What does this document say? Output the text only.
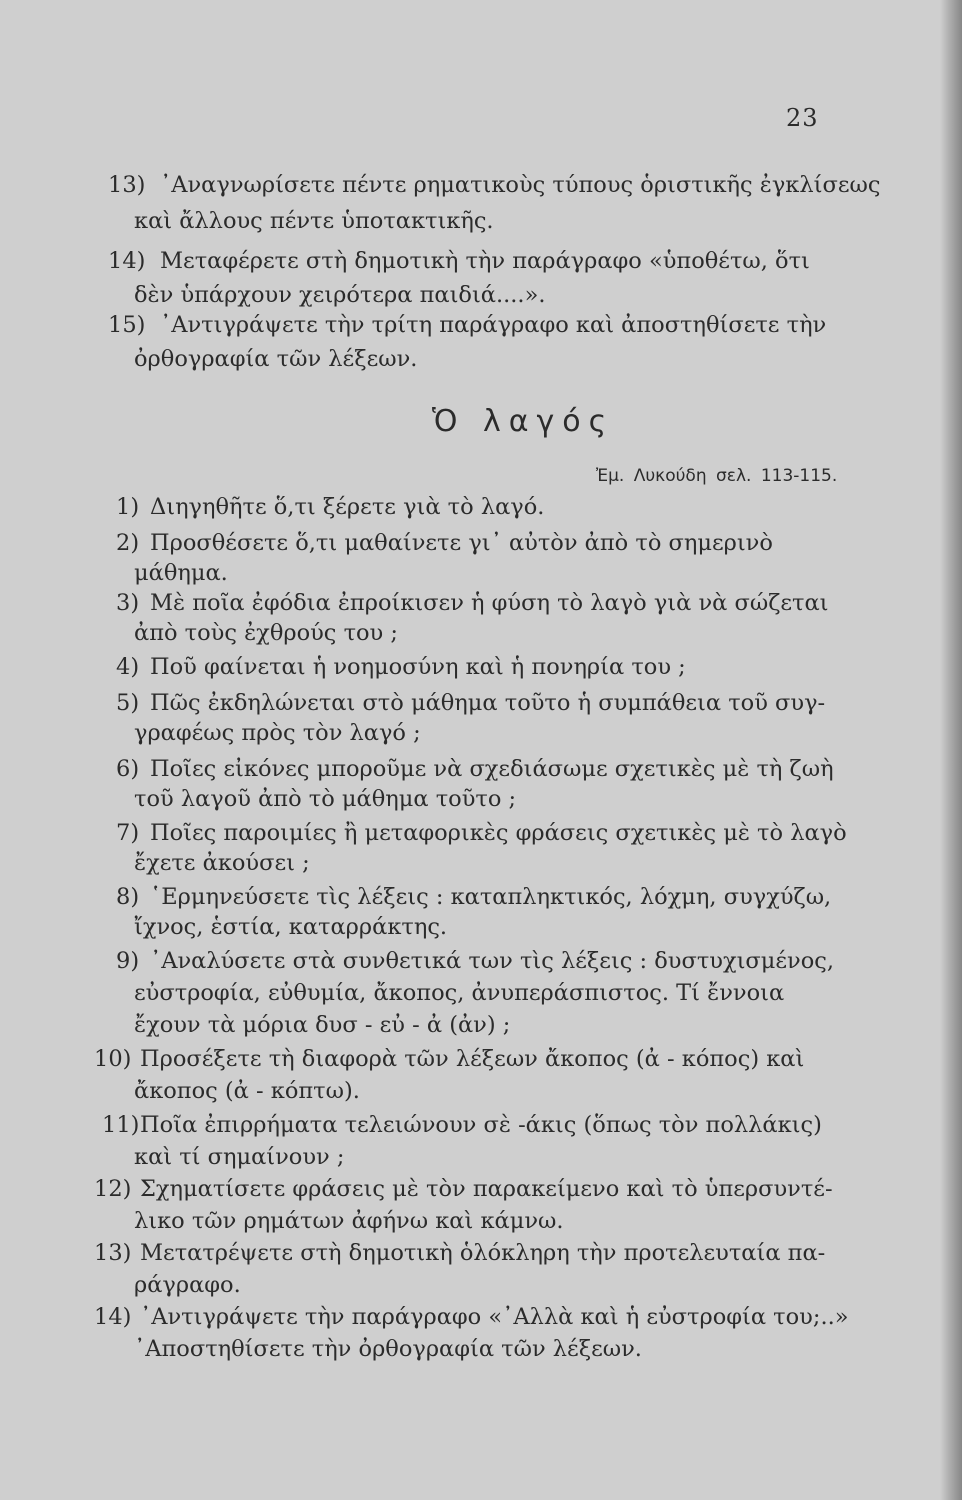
23
13) ᾿Αναγνωρίσετε πέντε ρηματικοὺς τύπους ὁριστικῆς ἐγκλίσεως
καὶ ἄλλους πέντε ὑποτακτικῆς.
14) Μεταφέρετε στὴ δημοτικὴ τὴν παράγραφο «ὑποθέτω, ὅτι
δὲν ὑπάρχουν χειρότερα παιδιά....».
15) ᾿Αντιγράψετε τὴν τρίτη παράγραφο καὶ ἀποστηθίσετε τὴν
ὀρθογραφία τῶν λέξεων.
Ὁ λαγός
Ἐμ. Λυκούδη σελ. 113-115.
1) Διηγηθῆτε ὅ,τι ξέρετε γιὰ τὸ λαγό.
2) Προσθέσετε ὅ,τι μαθαίνετε γι᾿ αὐτὸν ἀπὸ τὸ σημερινὸ
μάθημα.
3) Μὲ ποῖα ἐφόδια ἐπροίκισεν ἡ φύση τὸ λαγὸ γιὰ νὰ σώζεται
ἀπὸ τοὺς ἐχθρούς του ;
4) Ποῦ φαίνεται ἡ νοημοσύνη καὶ ἡ πονηρία του ;
5) Πῶς ἐκδηλώνεται στὸ μάθημα τοῦτο ἡ συμπάθεια τοῦ συγ-
γραφέως πρὸς τὸν λαγό ;
6) Ποῖες εἰκόνες μποροῦμε νὰ σχεδιάσωμε σχετικὲς μὲ τὴ ζωὴ
τοῦ λαγοῦ ἀπὸ τὸ μάθημα τοῦτο ;
7) Ποῖες παροιμίες ἢ μεταφορικὲς φράσεις σχετικὲς μὲ τὸ λαγὸ
ἔχετε ἀκούσει ;
8) ῾Ερμηνεύσετε τὶς λέξεις : καταπληκτικός, λόχμη, συγχύζω,
ἴχνος, ἑστία, καταρράκτης.
9) ᾿Αναλύσετε στὰ συνθετικά των τὶς λέξεις : δυστυχισμένος,
εὐστροφία, εὐθυμία, ἄκοπος, ἀνυπεράσπιστος. Τί ἔννοια
ἔχουν τὰ μόρια δυσ - εὐ - ἀ (ἀν) ;
10) Προσέξετε τὴ διαφορὰ τῶν λέξεων ἄκοπος (ἀ - κόπος) καὶ
ἄκοπος (ἀ - κόπτω).
11) Ποῖα ἐπιρρήματα τελειώνουν σὲ -άκις (ὅπως τὸν πολλάκις)
καὶ τί σημαίνουν ;
12) Σχηματίσετε φράσεις μὲ τὸν παρακείμενο καὶ τὸ ὑπερσυντέ-
λικο τῶν ρημάτων ἀφήνω καὶ κάμνω.
13) Μετατρέψετε στὴ δημοτικὴ ὁλόκληρη τὴν προτελευταία πα-
ράγραφο.
14) ᾿Αντιγράψετε τὴν παράγραφο «᾿Αλλὰ καὶ ἡ εὐστροφία του;..»
᾿Αποστηθίσετε τὴν ὀρθογραφία τῶν λέξεων.
